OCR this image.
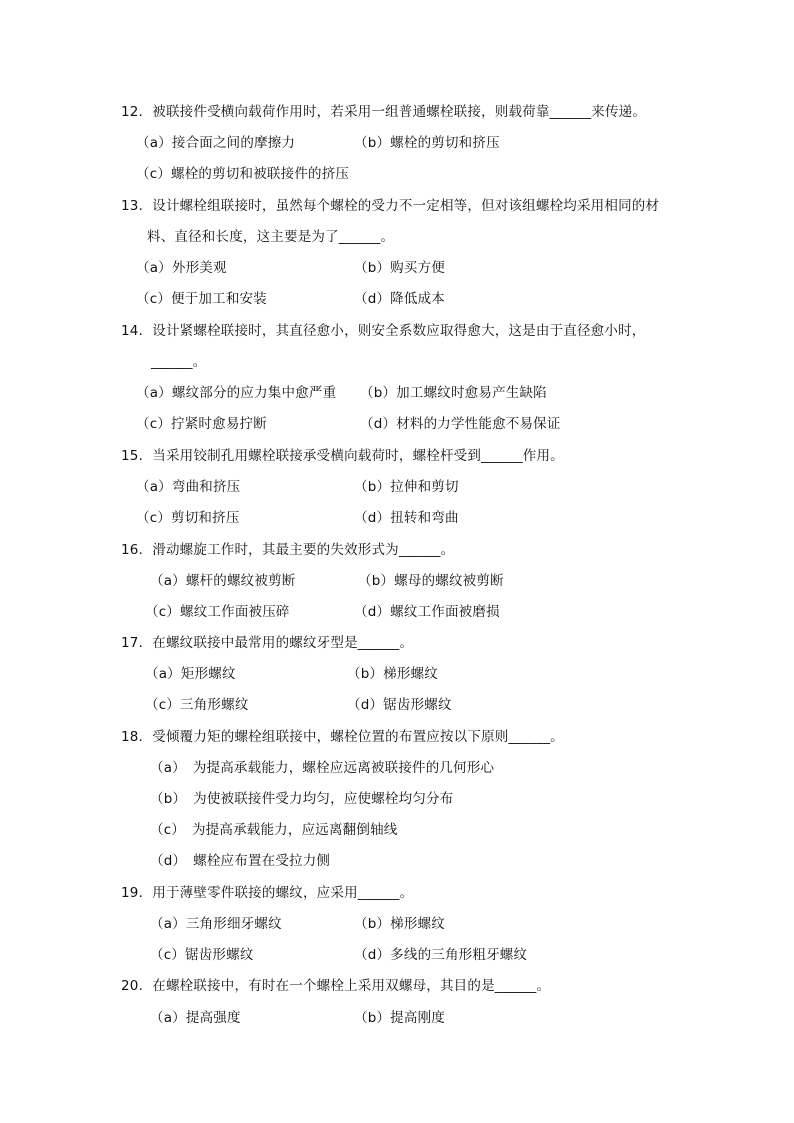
12．被联接件受横向载荷作用时，若采用一组普通螺栓联接，则载荷靠______来传递。
（a）接合面之间的摩擦力	（b）螺栓的剪切和挤压
（c）螺栓的剪切和被联接件的挤压
13．设计螺栓组联接时，虽然每个螺栓的受力不一定相等，但对该组螺栓均采用相同的材
料、直径和长度，这主要是为了______。
（a）外形美观	（b）购买方便
（c）便于加工和安装	（d）降低成本
14．设计紧螺栓联接时，其直径愈小，则安全系数应取得愈大，这是由于直径愈小时，
______。
（a）螺纹部分的应力集中愈严重 （b）加工螺纹时愈易产生缺陷
（c）拧紧时愈易拧断	（d）材料的力学性能愈不易保证
15．当采用铰制孔用螺栓联接承受横向载荷时，螺栓杆受到______作用。
（a）弯曲和挤压	（b）拉伸和剪切
（c）剪切和挤压	（d）扭转和弯曲
16．滑动螺旋工作时，其最主要的失效形式为______。
（a）螺杆的螺纹被剪断	（b）螺母的螺纹被剪断
（c）螺纹工作面被压碎	（d）螺纹工作面被磨损
17．在螺纹联接中最常用的螺纹牙型是______。
（a）矩形螺纹	（b）梯形螺纹
（c）三角形螺纹	（d）锯齿形螺纹
18．受倾覆力矩的螺栓组联接中，螺栓位置的布置应按以下原则______。
（a）　为提高承载能力，螺栓应远离被联接件的几何形心
（b）　为使被联接件受力均匀，应使螺栓均匀分布
（c）　为提高承载能力，应远离翻倒轴线
（d）　螺栓应布置在受拉力侧
19．用于薄壁零件联接的螺纹，应采用______。
（a）三角形细牙螺纹	（b）梯形螺纹
（c）锯齿形螺纹	（d）多线的三角形粗牙螺纹
20．在螺栓联接中，有时在一个螺栓上采用双螺母，其目的是______。
（a）提高强度	（b）提高刚度
